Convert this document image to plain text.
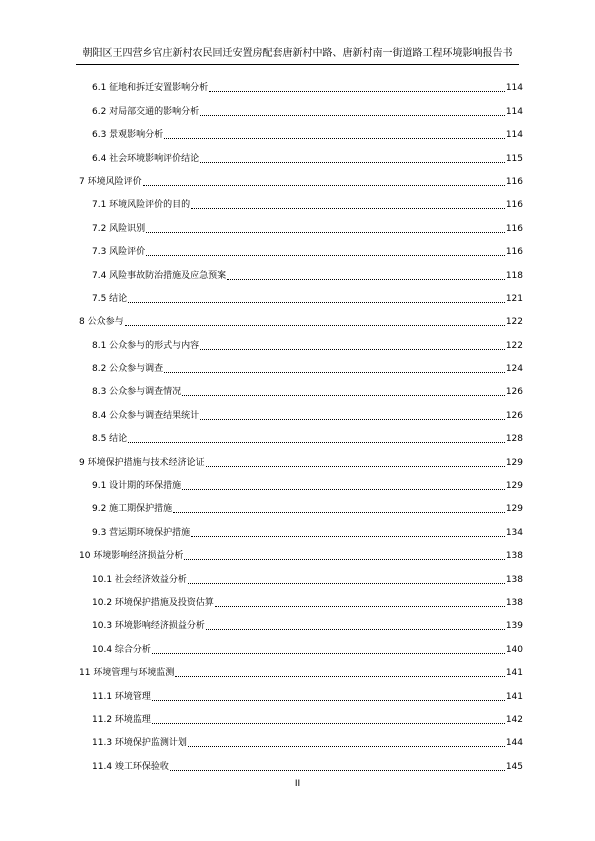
朝阳区王四营乡官庄新村农民回迁安置房配套唐新村中路、唐新村南一街道路工程环境影响报告书
6.1 征地和拆迁安置影响分析	114
6.2 对局部交通的影响分析	114
6.3 景观影响分析	114
6.4 社会环境影响评价结论	115
7 环境风险评价	116
7.1 环境风险评价的目的	116
7.2 风险识别	116
7.3 风险评价	116
7.4 风险事故防治措施及应急预案	118
7.5 结论	121
8 公众参与	122
8.1 公众参与的形式与内容	122
8.2 公众参与调查	124
8.3 公众参与调查情况	126
8.4 公众参与调查结果统计	126
8.5 结论	128
9 环境保护措施与技术经济论证	129
9.1 设计期的环保措施	129
9.2 施工期保护措施	129
9.3 营运期环境保护措施	134
10 环境影响经济损益分析	138
10.1 社会经济效益分析	138
10.2 环境保护措施及投资估算	138
10.3 环境影响经济损益分析	139
10.4 综合分析	140
11 环境管理与环境监测	141
11.1 环境管理	141
11.2 环境监理	142
11.3 环境保护监测计划	144
11.4 竣工环保验收	145
II
